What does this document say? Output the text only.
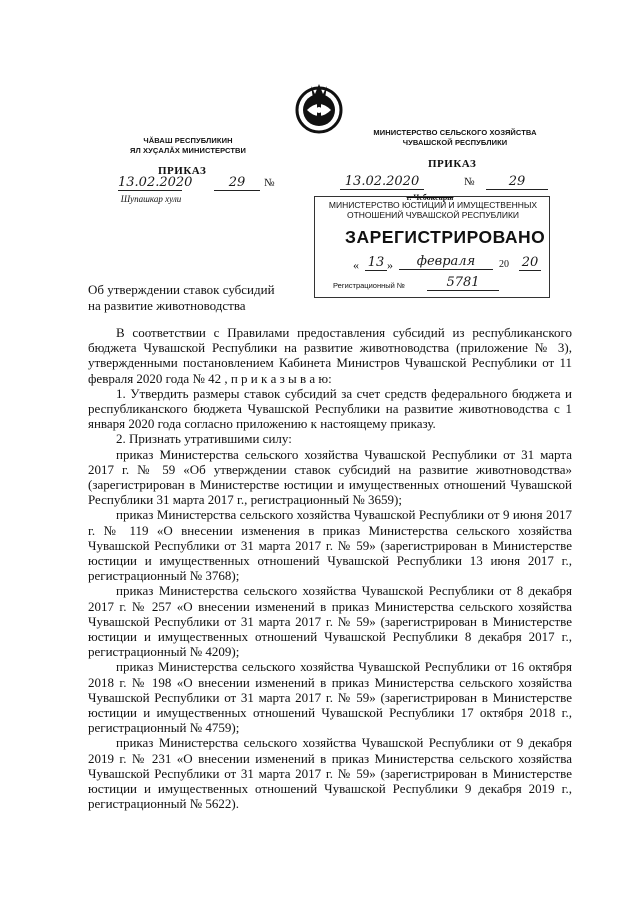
ЧĂВАШ РЕСПУБЛИКИН
ЯЛ ХУÇАЛĂХ МИНИСТЕРСТВИ
МИНИСТЕРСТВО СЕЛЬСКОГО ХОЗЯЙСТВА
ЧУВАШСКОЙ РЕСПУБЛИКИ
ПРИКАЗ
ПРИКАЗ
13.02.2020	29	№
Шупашкар хули
13.02.2020	№	29
г. Чебоксары
МИНИСТЕРСТВО ЮСТИЦИИ И ИМУЩЕСТВЕННЫХ
ОТНОШЕНИЙ ЧУВАШСКОЙ РЕСПУБЛИКИ
ЗАРЕГИСТРИРОВАНО
« 13 »	февраля	20 20
Регистрационный №	5781
Об утверждении ставок субсидий
на развитие животноводства

В соответствии с Правилами предоставления субсидий из республиканского бюджета Чувашской Республики на развитие животноводства (приложение № 3), утвержденными постановлением Кабинета Министров Чувашской Республики от 11 февраля 2020 года № 42 , п р и к а з ы в а ю:

1. Утвердить размеры ставок субсидий за счет средств федерального бюджета и республиканского бюджета Чувашской Республики на развитие животноводства с 1 января 2020 года согласно приложению к настоящему приказу.

2. Признать утратившими силу:

приказ Министерства сельского хозяйства Чувашской Республики от 31 марта 2017 г. № 59 «Об утверждении ставок субсидий на развитие животноводства» (зарегистрирован в Министерстве юстиции и имущественных отношений Чувашской Республики 31 марта 2017 г., регистрационный № 3659);

приказ Министерства сельского хозяйства Чувашской Республики от 9 июня 2017 г. № 119 «О внесении изменения в приказ Министерства сельского хозяйства Чувашской Республики от 31 марта 2017 г. № 59» (зарегистрирован в Министерстве юстиции и имущественных отношений Чувашской Республики 13 июня 2017 г., регистрационный № 3768);

приказ Министерства сельского хозяйства Чувашской Республики от 8 декабря 2017 г. № 257 «О внесении изменений в приказ Министерства сельского хозяйства Чувашской Республики от 31 марта 2017 г. № 59» (зарегистрирован в Министерстве юстиции и имущественных отношений Чувашской Республики 8 декабря 2017 г., регистрационный № 4209);

приказ Министерства сельского хозяйства Чувашской Республики от 16 октября 2018 г. № 198 «О внесении изменений в приказ Министерства сельского хозяйства Чувашской Республики от 31 марта 2017 г. № 59» (зарегистрирован в Министерстве юстиции и имущественных отношений Чувашской Республики 17 октября 2018 г., регистрационный № 4759);

приказ Министерства сельского хозяйства Чувашской Республики от 9 декабря 2019 г. № 231 «О внесении изменений в приказ Министерства сельского хозяйства Чувашской Республики от 31 марта 2017 г. № 59» (зарегистрирован в Министерстве юстиции и имущественных отношений Чувашской Республики 9 декабря 2019 г., регистрационный № 5622).
